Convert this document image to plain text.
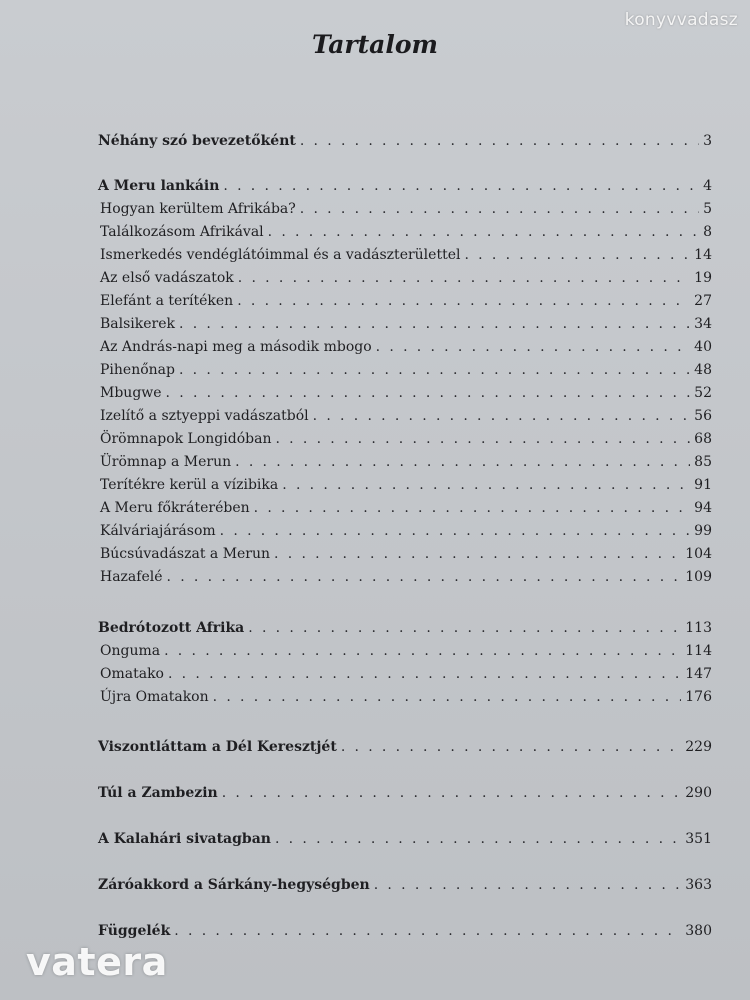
konyvvadasz
Tartalom
Néhány szó bevezetőként . . .	3
A Meru lankáin . . .	4
Hogyan kerültem Afrikába? . . .	5
Találkozásom Afrikával . . .	8
Ismerkedés vendéglátóimmal és a vadászterülettel . . .	14
Az első vadászatok . . .	19
Elefánt a terítéken . . .	27
Balsikerek . . .	34
Az András-napi meg a második mbogo . . .	40
Pihenőnap . . .	48
Mbugwe . . .	52
Izelítő a sztyeppi vadászatból . . .	56
Örömnapok Longidóban . . .	68
Ürömnap a Merun . . .	85
Terítékre kerül a vízibika . . .	91
A Meru főkráterében . . .	94
Kálváriajárásom . . .	99
Búcsúvadászat a Merun . . .	104
Hazafelé . . .	109
Bedrótozott Afrika . . .	113
Onguma . . .	114
Omatako . . .	147
Újra Omatakon . . .	176
Viszontláttam a Dél Keresztjét . . .	229
Túl a Zambezin . . .	290
A Kalahári sivatagban . . .	351
Záróakkord a Sárkány-hegységben . . .	363
Függelék . . .	380
vatera
